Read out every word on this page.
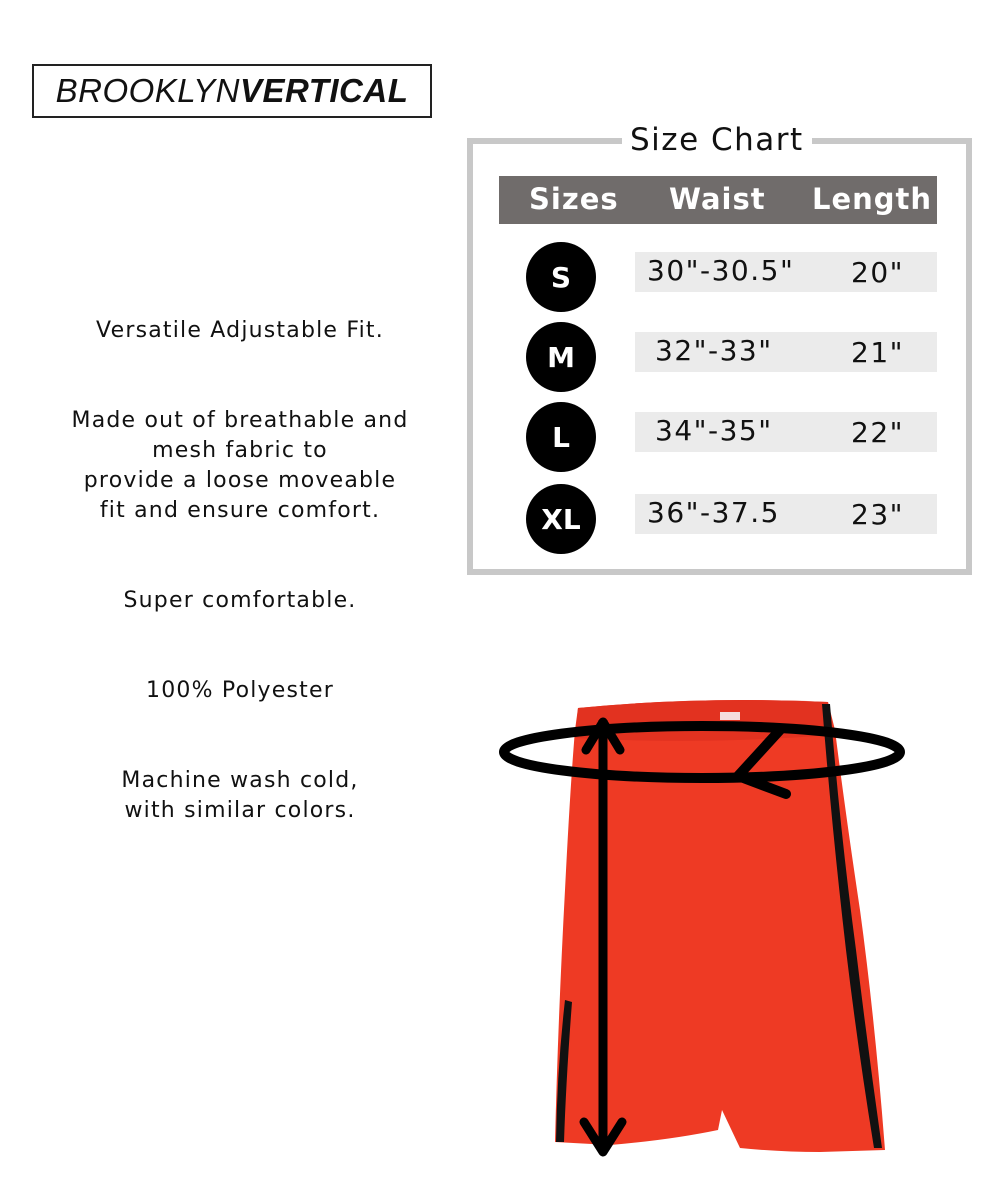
BROOKLYN VERTICAL
Versatile Adjustable Fit.
Made out of breathable and
mesh fabric to
provide a loose moveable
fit and ensure comfort.
Super comfortable.
100% Polyester
Machine wash cold,
with similar colors.
Size Chart
Sizes Waist Length
S	30"-30.5" 20"
M	32"-33"	21"
L	34"-35"	22"
XL	36"-37.5	23"
